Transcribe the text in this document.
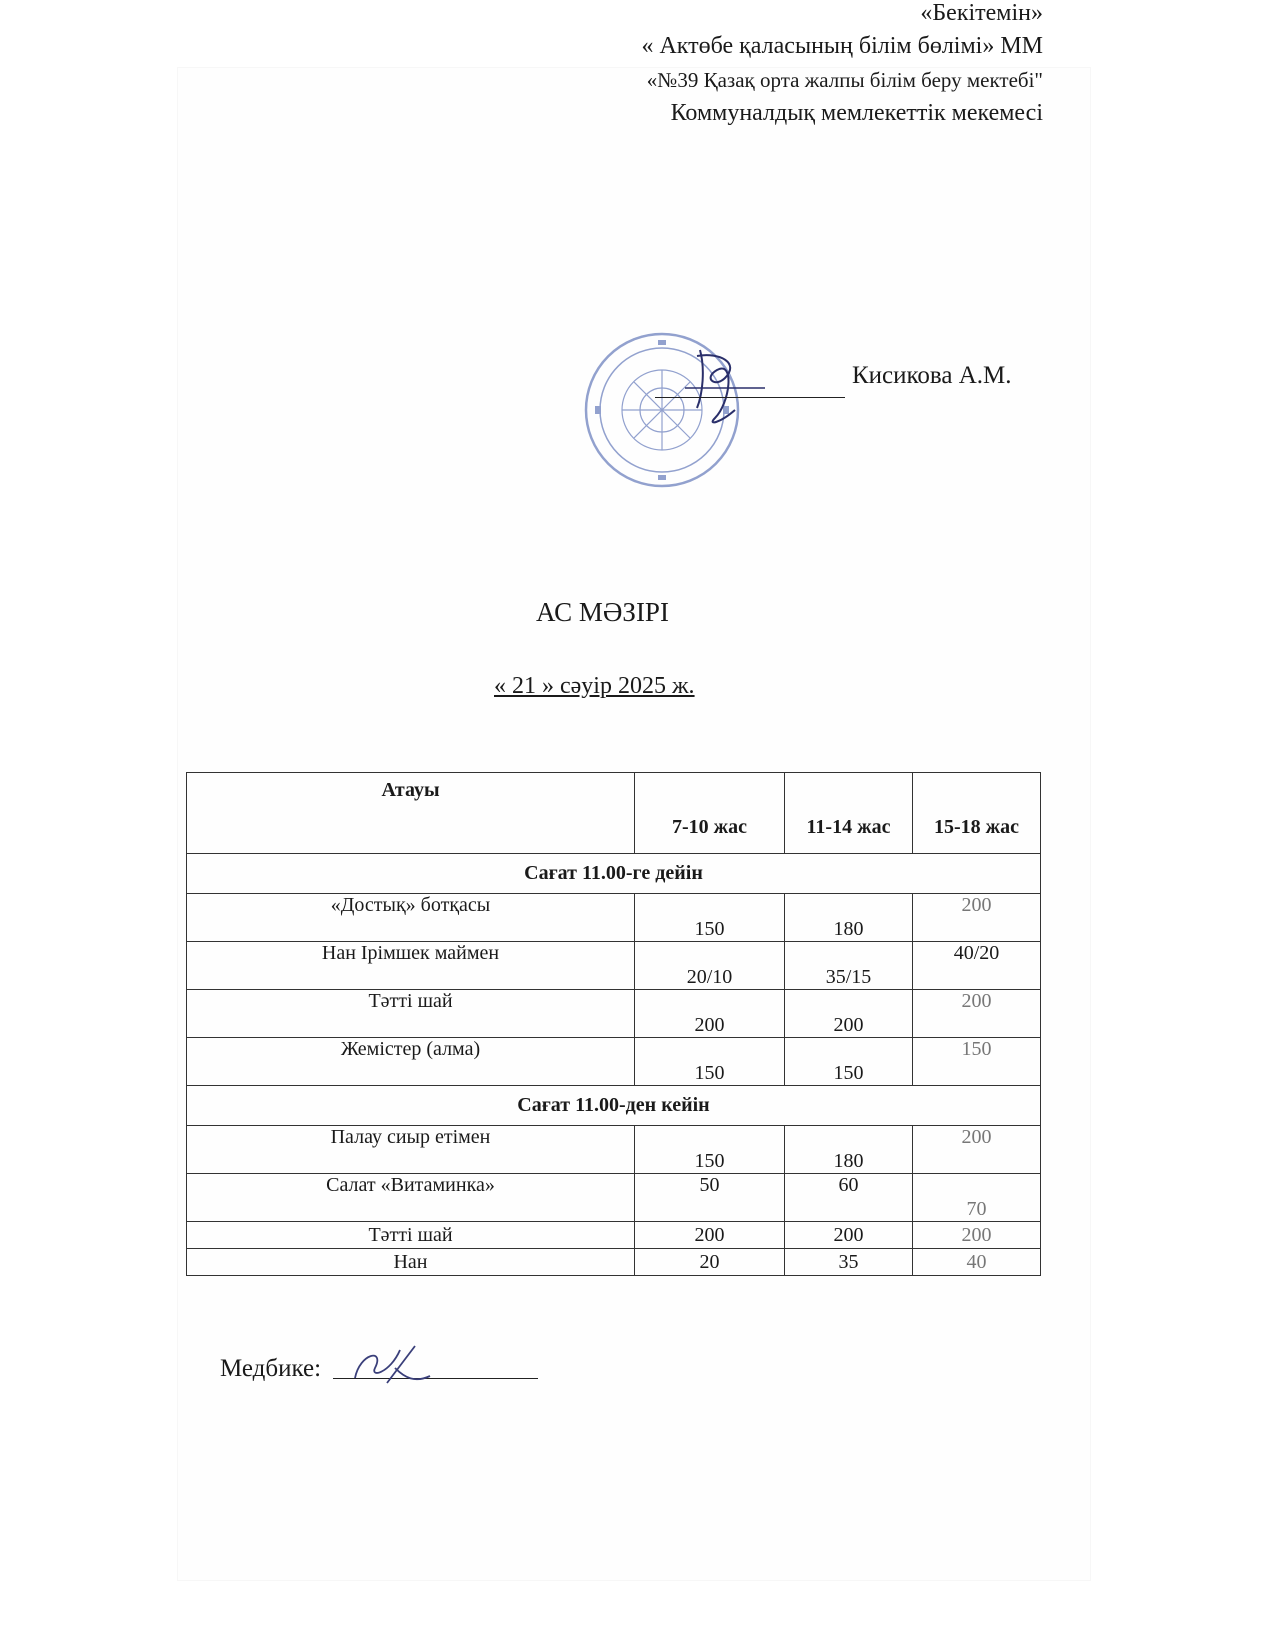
«Бекітемін»
« Актөбе қаласының білім бөлімі» ММ
«№39 Қазақ орта жалпы білім беру мектебі"
Коммуналдық мемлекеттік мекемесі
Кисикова А.М.
АС МӘЗІРІ
« 21 » сәуір 2025 ж.
Атауы	7-10 жас	11-14 жас	15-18 жас
Сағат 11.00-ге дейін			
«Достық» ботқасы	150	180	200
Нан Ірімшек маймен	20/10	35/15	40/20
Тәтті шай	200	200	200
Жемістер (алма)	150	150	150
Сағат 11.00-ден кейін			
Палау сиыр етімен	150	180	200
Салат «Витаминка»	50	60	70
Тәтті шай	200	200	200
Нан	20	35	40
Медбике:
